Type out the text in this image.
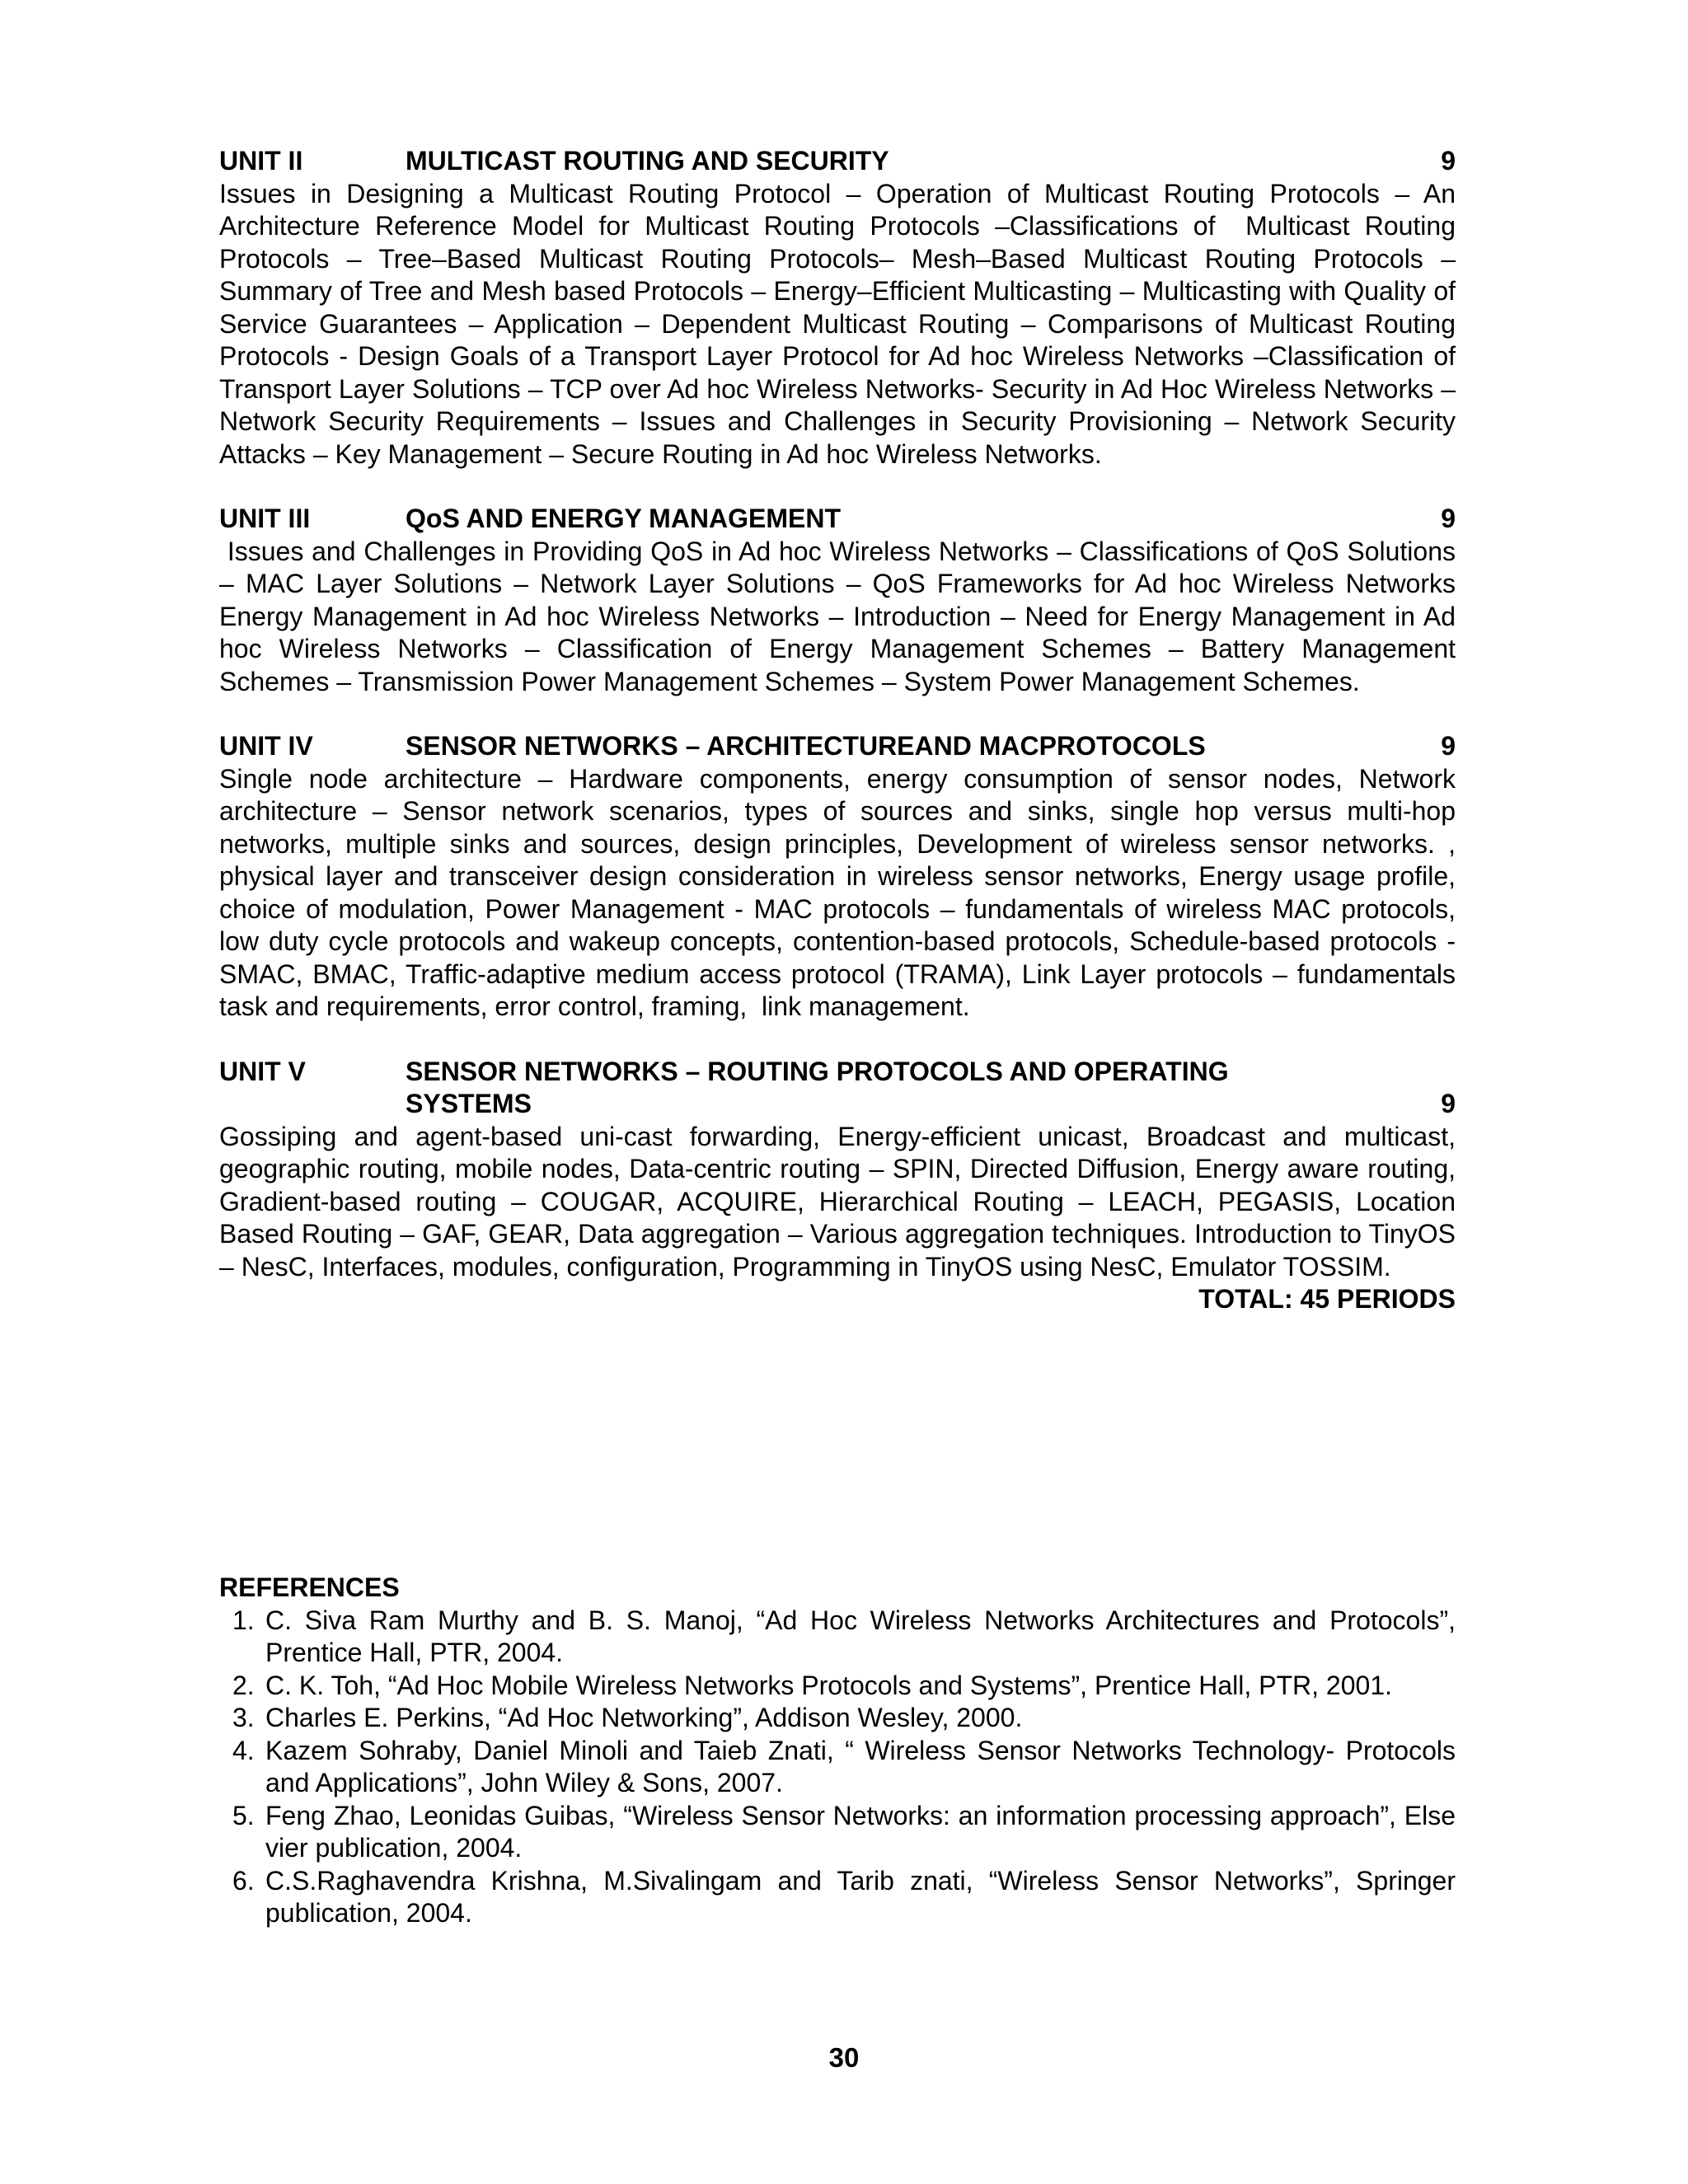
UNIT II	MULTICAST ROUTING AND SECURITY	9

Issues in Designing a Multicast Routing Protocol – Operation of Multicast Routing Protocols – An Architecture Reference Model for Multicast Routing Protocols –Classifications of  Multicast Routing Protocols – Tree–Based Multicast Routing Protocols– Mesh–Based Multicast Routing Protocols – Summary of Tree and Mesh based Protocols – Energy–Efficient Multicasting – Multicasting with Quality of Service Guarantees – Application – Dependent Multicast Routing – Comparisons of Multicast Routing Protocols - Design Goals of a Transport Layer Protocol for Ad hoc Wireless Networks –Classification of Transport Layer Solutions – TCP over Ad hoc Wireless Networks- Security in Ad Hoc Wireless Networks – Network Security Requirements – Issues and Challenges in Security Provisioning – Network Security Attacks – Key Management – Secure Routing in Ad hoc Wireless Networks.

UNIT III	QoS AND ENERGY MANAGEMENT	9

Issues and Challenges in Providing QoS in Ad hoc Wireless Networks – Classifications of QoS Solutions – MAC Layer Solutions – Network Layer Solutions – QoS Frameworks for Ad hoc Wireless Networks Energy Management in Ad hoc Wireless Networks – Introduction – Need for Energy Management in Ad hoc Wireless Networks – Classification of Energy Management Schemes – Battery Management Schemes – Transmission Power Management Schemes – System Power Management Schemes.

UNIT IV	SENSOR NETWORKS – ARCHITECTUREAND MACPROTOCOLS	9

Single node architecture – Hardware components, energy consumption of sensor nodes, Network architecture – Sensor network scenarios, types of sources and sinks, single hop versus multi-hop networks, multiple sinks and sources, design principles, Development of wireless sensor networks. , physical layer and transceiver design consideration in wireless sensor networks, Energy usage profile, choice of modulation, Power Management - MAC protocols – fundamentals of wireless MAC protocols,  low duty cycle protocols and wakeup concepts, contention-based protocols, Schedule-based protocols - SMAC, BMAC, Traffic-adaptive medium access protocol (TRAMA), Link Layer protocols – fundamentals task and requirements, error control, framing,  link management.

UNIT V	SENSOR NETWORKS – ROUTING PROTOCOLS AND OPERATING SYSTEMS	9

Gossiping and agent-based uni-cast forwarding, Energy-efficient unicast, Broadcast and multicast, geographic routing, mobile nodes, Data-centric routing – SPIN, Directed Diffusion, Energy aware routing, Gradient-based routing – COUGAR, ACQUIRE, Hierarchical Routing – LEACH, PEGASIS, Location Based Routing – GAF, GEAR, Data aggregation – Various aggregation techniques. Introduction to TinyOS – NesC, Interfaces, modules, configuration, Programming in TinyOS using NesC, Emulator TOSSIM.

TOTAL: 45 PERIODS
REFERENCES
1. C. Siva Ram Murthy and B. S. Manoj, “Ad Hoc Wireless Networks Architectures and Protocols”, Prentice Hall, PTR, 2004.
2. C. K. Toh, “Ad Hoc Mobile Wireless Networks Protocols and Systems”, Prentice Hall, PTR, 2001.
3. Charles E. Perkins, “Ad Hoc Networking”, Addison Wesley, 2000.
4. Kazem Sohraby, Daniel Minoli and Taieb Znati, “ Wireless Sensor Networks Technology- Protocols and Applications”, John Wiley & Sons, 2007.
5. Feng Zhao, Leonidas Guibas, “Wireless Sensor Networks: an information processing approach”, Else vier publication, 2004.
6. C.S.Raghavendra Krishna, M.Sivalingam and Tarib znati, “Wireless Sensor Networks”, Springer publication, 2004.
30
